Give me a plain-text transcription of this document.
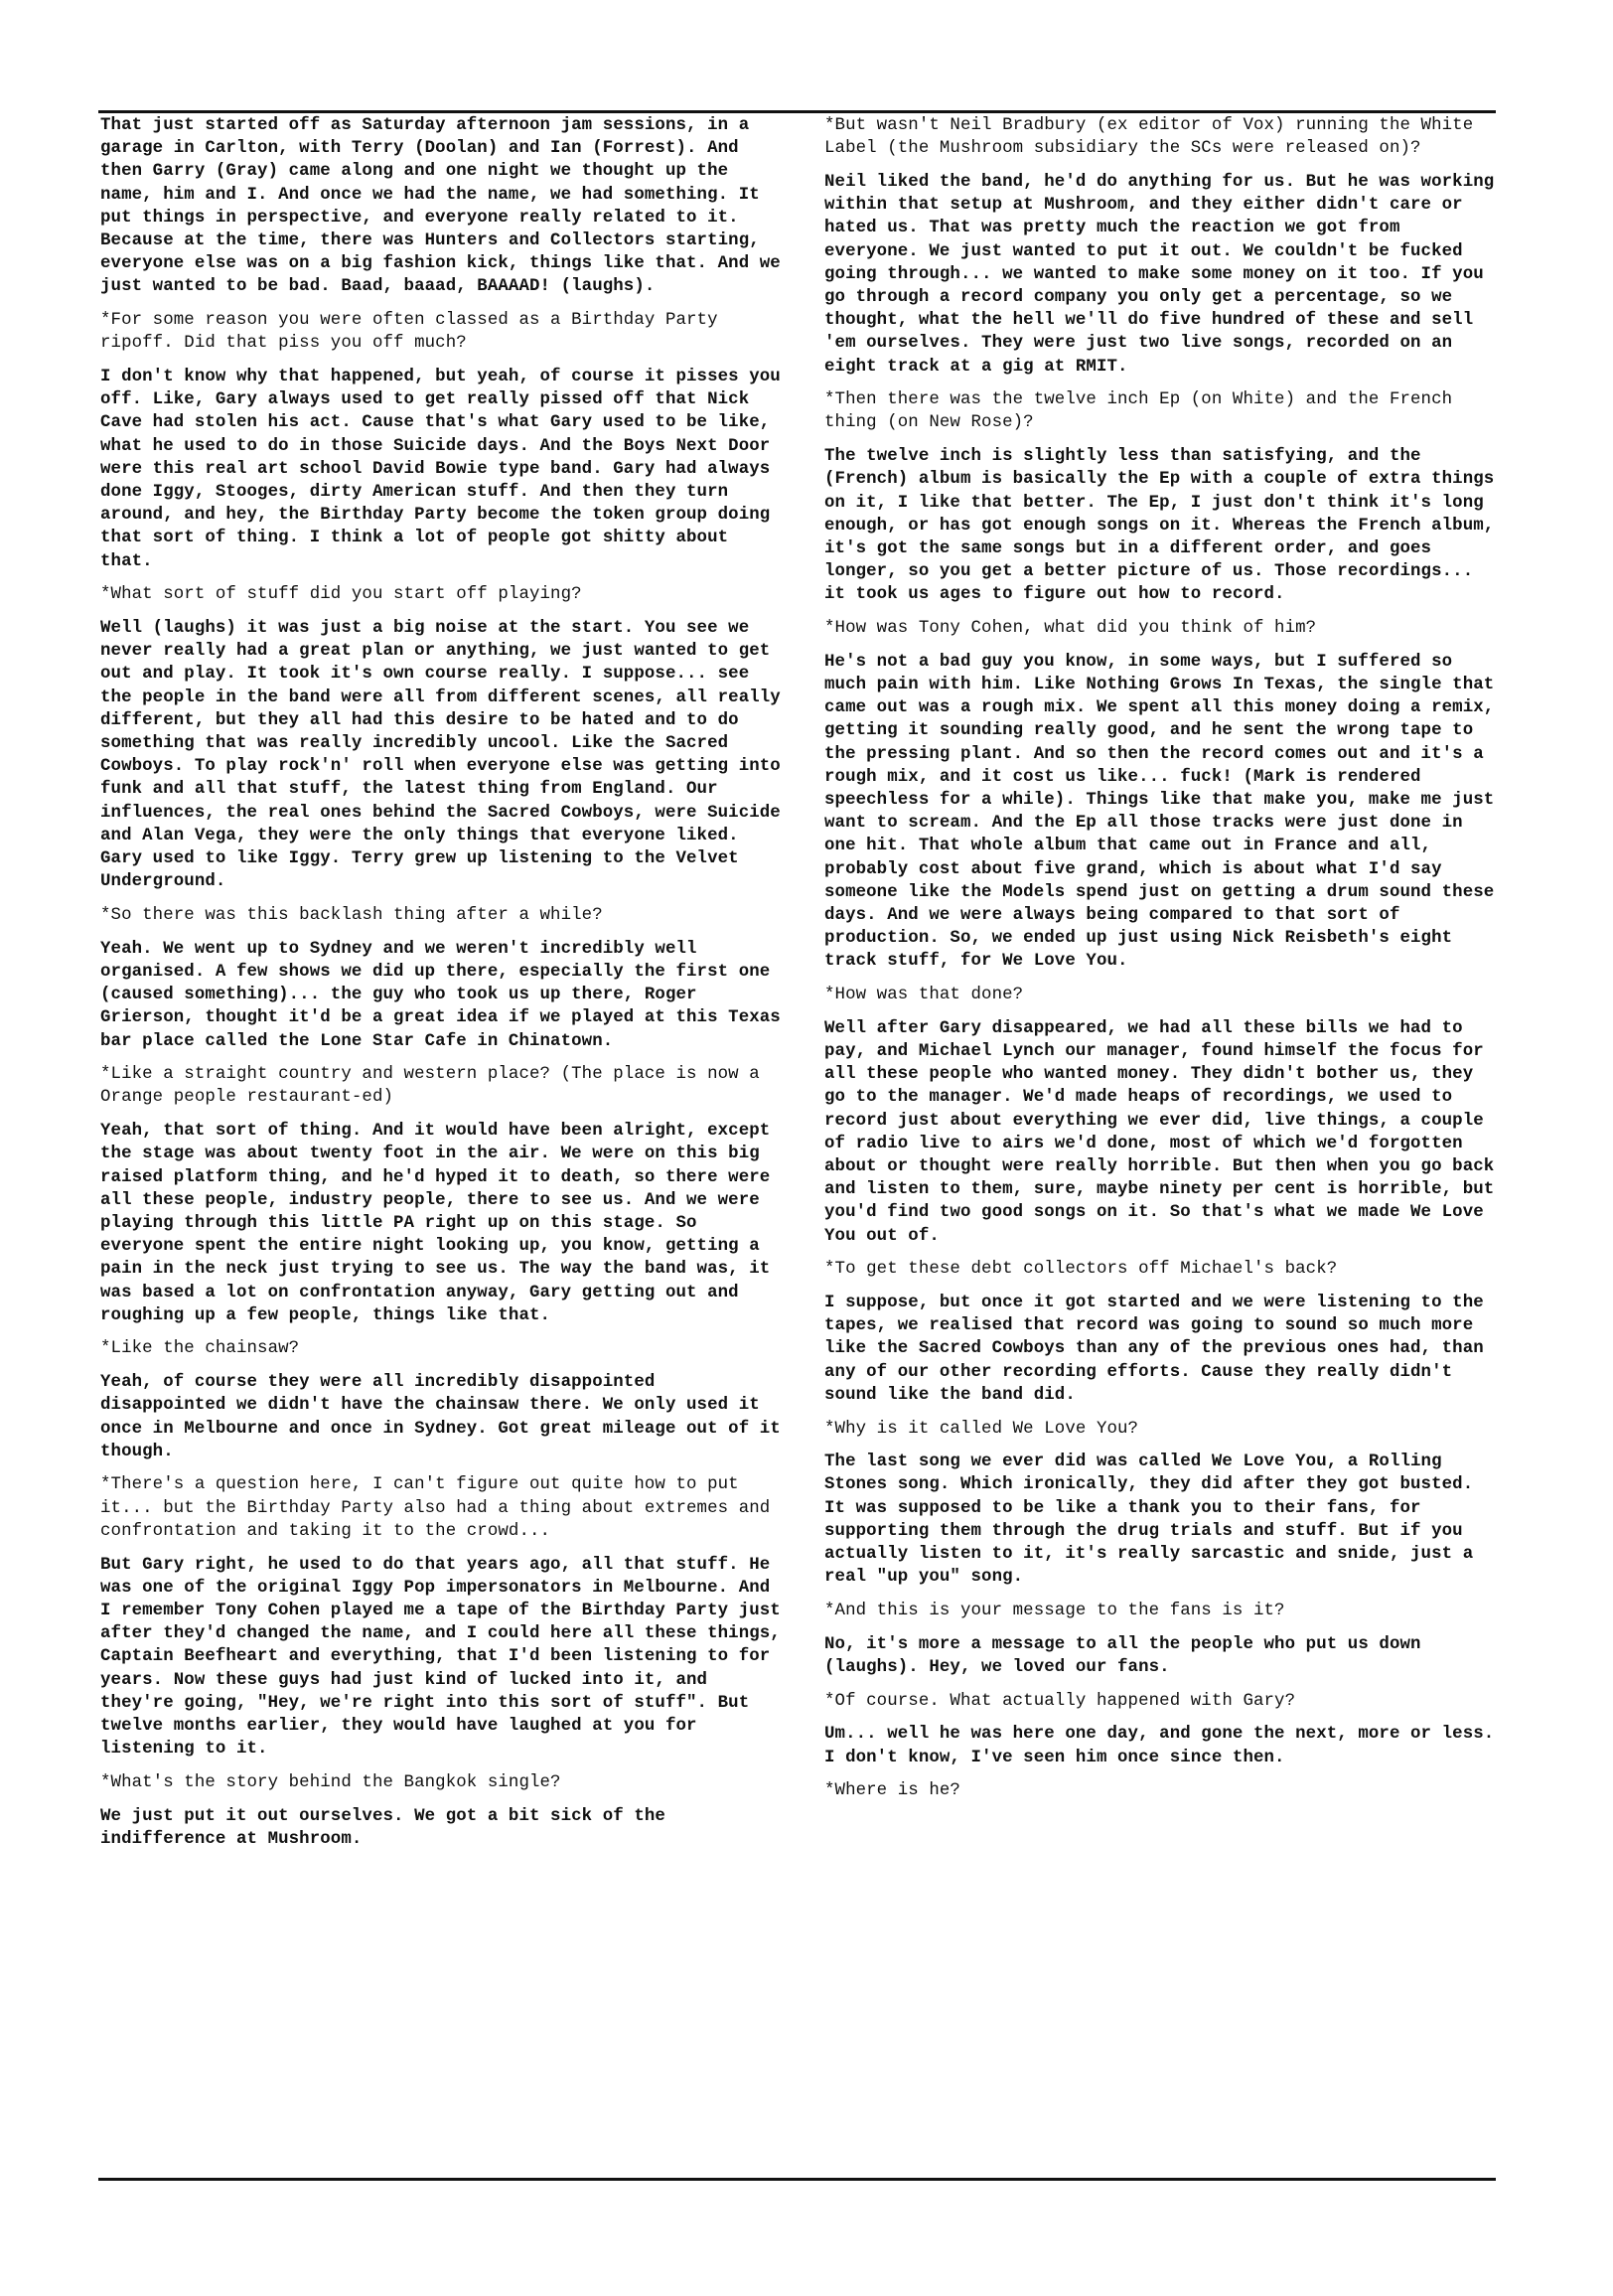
That just started off as Saturday afternoon jam sessions, in a garage in Carlton, with Terry (Doolan) and Ian (Forrest). And then Garry (Gray) came along and one night we thought up the name, him and I. And once we had the name, we had something. It put things in perspective, and everyone really related to it. Because at the time, there was Hunters and Collectors starting, everyone else was on a big fashion kick, things like that. And we just wanted to be bad. Baad, baaad, BAAAAD! (laughs).

*For some reason you were often classed as a Birthday Party ripoff. Did that piss you off much?

I don't know why that happened, but yeah, of course it pisses you off. Like, Gary always used to get really pissed off that Nick Cave had stolen his act. Cause that's what Gary used to be like, what he used to do in those Suicide days. And the Boys Next Door were this real art school David Bowie type band. Gary had always done Iggy, Stooges, dirty American stuff. And then they turn around, and hey, the Birthday Party become the token group doing that sort of thing. I think a lot of people got shitty about that.

*What sort of stuff did you start off playing?

Well (laughs) it was just a big noise at the start. You see we never really had a great plan or anything, we just wanted to get out and play. It took it's own course really. I suppose... see the people in the band were all from different scenes, all really different, but they all had this desire to be hated and to do something that was really incredibly uncool. Like the Sacred Cowboys. To play rock'n' roll when everyone else was getting into funk and all that stuff, the latest thing from England. Our influences, the real ones behind the Sacred Cowboys, were Suicide and Alan Vega, they were the only things that everyone liked. Gary used to like Iggy. Terry grew up listening to the Velvet Underground.

*So there was this backlash thing after a while?

Yeah. We went up to Sydney and we weren't incredibly well organised. A few shows we did up there, especially the first one (caused something)... the guy who took us up there, Roger Grierson, thought it'd be a great idea if we played at this Texas bar place called the Lone Star Cafe in Chinatown.

*Like a straight country and western place? (The place is now a Orange people restaurant-ed)

Yeah, that sort of thing. And it would have been alright, except the stage was about twenty foot in the air. We were on this big raised platform thing, and he'd hyped it to death, so there were all these people, industry people, there to see us. And we were playing through this little PA right up on this stage. So everyone spent the entire night looking up, you know, getting a pain in the neck just trying to see us. The way the band was, it was based a lot on confrontation anyway, Gary getting out and roughing up a few people, things like that.

*Like the chainsaw?

Yeah, of course they were all incredibly disappointed disappointed we didn't have the chainsaw there. We only used it once in Melbourne and once in Sydney. Got great mileage out of it though.

*There's a question here, I can't figure out quite how to put it... but the Birthday Party also had a thing about extremes and confrontation and taking it to the crowd...

But Gary right, he used to do that years ago, all that stuff. He was one of the original Iggy Pop impersonators in Melbourne. And I remember Tony Cohen played me a tape of the Birthday Party just after they'd changed the name, and I could here all these things, Captain Beefheart and everything, that I'd been listening to for years. Now these guys had just kind of lucked into it, and they're going, "Hey, we're right into this sort of stuff". But twelve months earlier, they would have laughed at you for listening to it.

*What's the story behind the Bangkok single?

We just put it out ourselves. We got a bit sick of the indifference at Mushroom.

*But wasn't Neil Bradbury (ex editor of Vox) running the White Label (the Mushroom subsidiary the SCs were released on)?

Neil liked the band, he'd do anything for us. But he was working within that setup at Mushroom, and they either didn't care or hated us. That was pretty much the reaction we got from everyone. We just wanted to put it out. We couldn't be fucked going through... we wanted to make some money on it too. If you go through a record company you only get a percentage, so we thought, what the hell we'll do five hundred of these and sell 'em ourselves. They were just two live songs, recorded on an eight track at a gig at RMIT.

*Then there was the twelve inch Ep (on White) and the French thing (on New Rose)?

The twelve inch is slightly less than satisfying, and the (French) album is basically the Ep with a couple of extra things on it, I like that better. The Ep, I just don't think it's long enough, or has got enough songs on it. Whereas the French album, it's got the same songs but in a different order, and goes longer, so you get a better picture of us. Those recordings... it took us ages to figure out how to record.

*How was Tony Cohen, what did you think of him?

He's not a bad guy you know, in some ways, but I suffered so much pain with him. Like Nothing Grows In Texas, the single that came out was a rough mix. We spent all this money doing a remix, getting it sounding really good, and he sent the wrong tape to the pressing plant. And so then the record comes out and it's a rough mix, and it cost us like... fuck! (Mark is rendered speechless for a while). Things like that make you, make me just want to scream. And the Ep all those tracks were just done in one hit. That whole album that came out in France and all, probably cost about five grand, which is about what I'd say someone like the Models spend just on getting a drum sound these days. And we were always being compared to that sort of production. So, we ended up just using Nick Reisbeth's eight track stuff, for We Love You.

*How was that done?

Well after Gary disappeared, we had all these bills we had to pay, and Michael Lynch our manager, found himself the focus for all these people who wanted money. They didn't bother us, they go to the manager. We'd made heaps of recordings, we used to record just about everything we ever did, live things, a couple of radio live to airs we'd done, most of which we'd forgotten about or thought were really horrible. But then when you go back and listen to them, sure, maybe ninety per cent is horrible, but you'd find two good songs on it. So that's what we made We Love You out of.

*To get these debt collectors off Michael's back?

I suppose, but once it got started and we were listening to the tapes, we realised that record was going to sound so much more like the Sacred Cowboys than any of the previous ones had, than any of our other recording efforts. Cause they really didn't sound like the band did.

*Why is it called We Love You?

The last song we ever did was called We Love You, a Rolling Stones song. Which ironically, they did after they got busted. It was supposed to be like a thank you to their fans, for supporting them through the drug trials and stuff. But if you actually listen to it, it's really sarcastic and snide, just a real "up you" song.

*And this is your message to the fans is it?

No, it's more a message to all the people who put us down (laughs). Hey, we loved our fans.

*Of course. What actually happened with Gary?

Um... well he was here one day, and gone the next, more or less. I don't know, I've seen him once since then.

*Where is he?
